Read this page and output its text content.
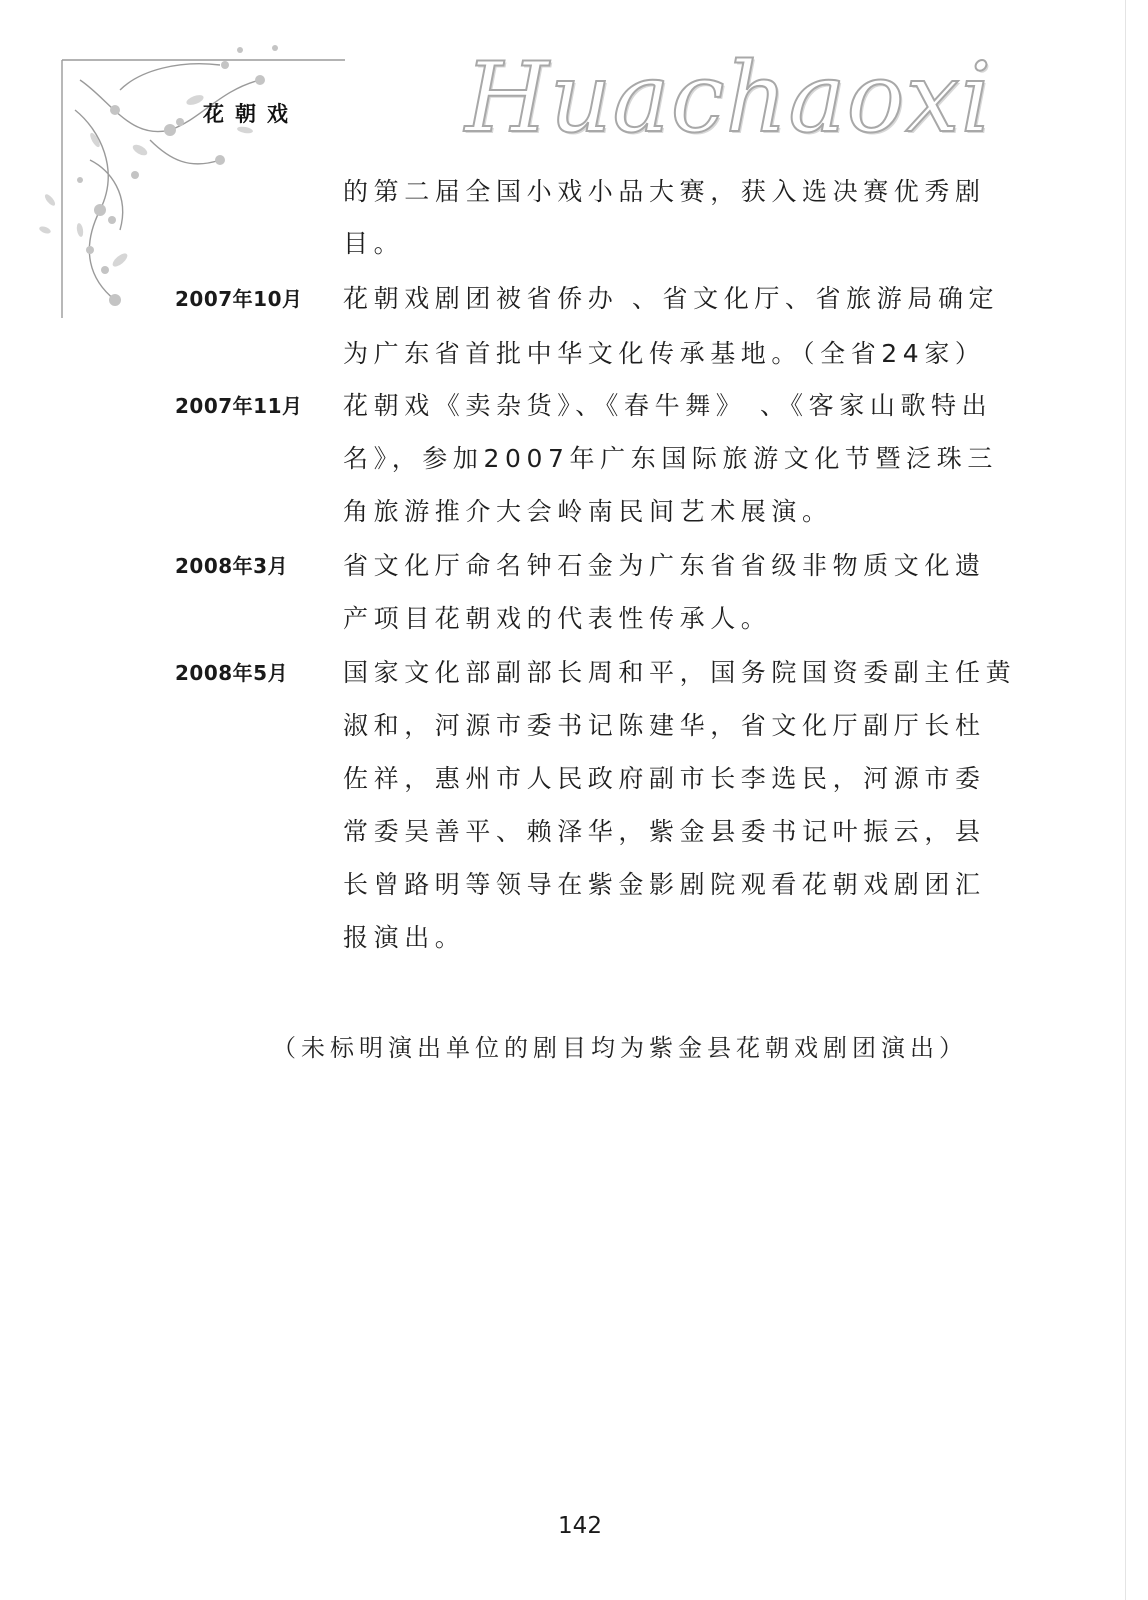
花朝戏 Huachaoxi
的第二届全国小戏小品大赛，获入选决赛优秀剧
目。
2007年10月 花朝戏剧团被省侨办 、省文化厅、省旅游局确定
为广东省首批中华文化传承基地。（全省24家）
2007年11月 花朝戏《卖杂货》、《春牛舞》 、《客家山歌特出
名》，参加2007年广东国际旅游文化节暨泛珠三
角旅游推介大会岭南民间艺术展演。
2008年3月 省文化厅命名钟石金为广东省省级非物质文化遗
产项目花朝戏的代表性传承人。
2008年5月 国家文化部副部长周和平，国务院国资委副主任黄
淑和，河源市委书记陈建华，省文化厅副厅长杜
佐祥，惠州市人民政府副市长李选民，河源市委
常委吴善平、赖泽华，紫金县委书记叶振云，县
长曾路明等领导在紫金影剧院观看花朝戏剧团汇
报演出。
（未标明演出单位的剧目均为紫金县花朝戏剧团演出）
142
